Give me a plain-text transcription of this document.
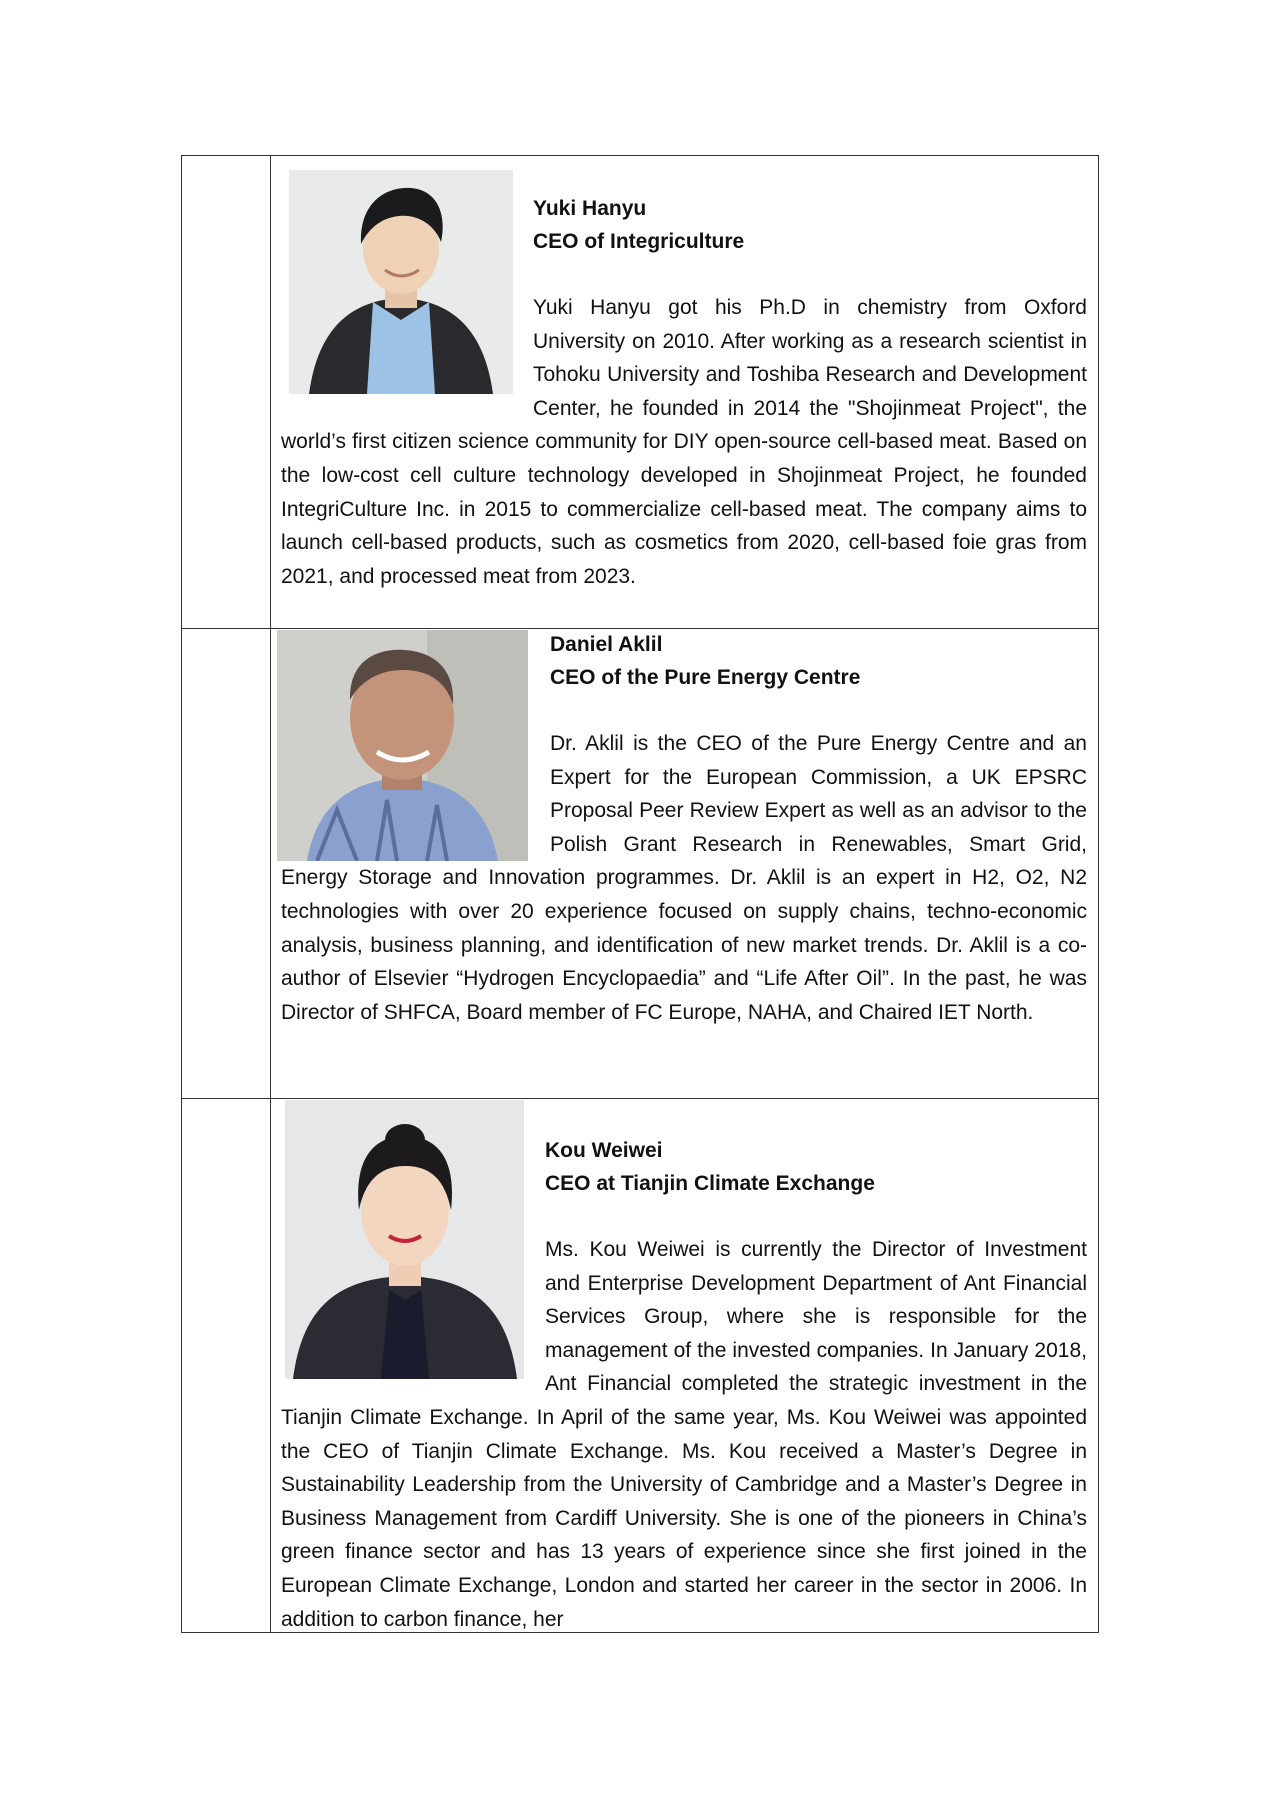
Yuki Hanyu
CEO of Integriculture

Yuki Hanyu got his Ph.D in chemistry from Oxford University on 2010. After working as a research scientist in Tohoku University and Toshiba Research and Development Center, he founded in 2014 the "Shojinmeat Project", the world’s first citizen science community for DIY open-source cell-based meat. Based on the low-cost cell culture technology developed in Shojinmeat Project, he founded IntegriCulture Inc. in 2015 to commercialize cell-based meat. The company aims to launch cell-based products, such as cosmetics from 2020, cell-based foie gras from 2021, and processed meat from 2023.

Daniel Aklil
CEO of the Pure Energy Centre

Dr. Aklil is the CEO of the Pure Energy Centre and an Expert for the European Commission, a UK EPSRC Proposal Peer Review Expert as well as an advisor to the Polish Grant Research in Renewables, Smart Grid, Energy Storage and Innovation programmes. Dr. Aklil is an expert in H2, O2, N2 technologies with over 20 experience focused on supply chains, techno-economic analysis, business planning, and identification of new market trends. Dr. Aklil is a co-author of Elsevier “Hydrogen Encyclopaedia” and “Life After Oil”. In the past, he was Director of SHFCA, Board member of FC Europe, NAHA, and Chaired IET North.

Kou Weiwei
CEO at Tianjin Climate Exchange

Ms. Kou Weiwei is currently the Director of Investment and Enterprise Development Department of Ant Financial Services Group, where she is responsible for the management of the invested companies. In January 2018, Ant Financial completed the strategic investment in the Tianjin Climate Exchange. In April of the same year, Ms. Kou Weiwei was appointed the CEO of Tianjin Climate Exchange. Ms. Kou received a Master’s Degree in Sustainability Leadership from the University of Cambridge and a Master’s Degree in Business Management from Cardiff University. She is one of the pioneers in China’s green finance sector and has 13 years of experience since she first joined in the European Climate Exchange, London and started her career in the sector in 2006. In addition to carbon finance, her
